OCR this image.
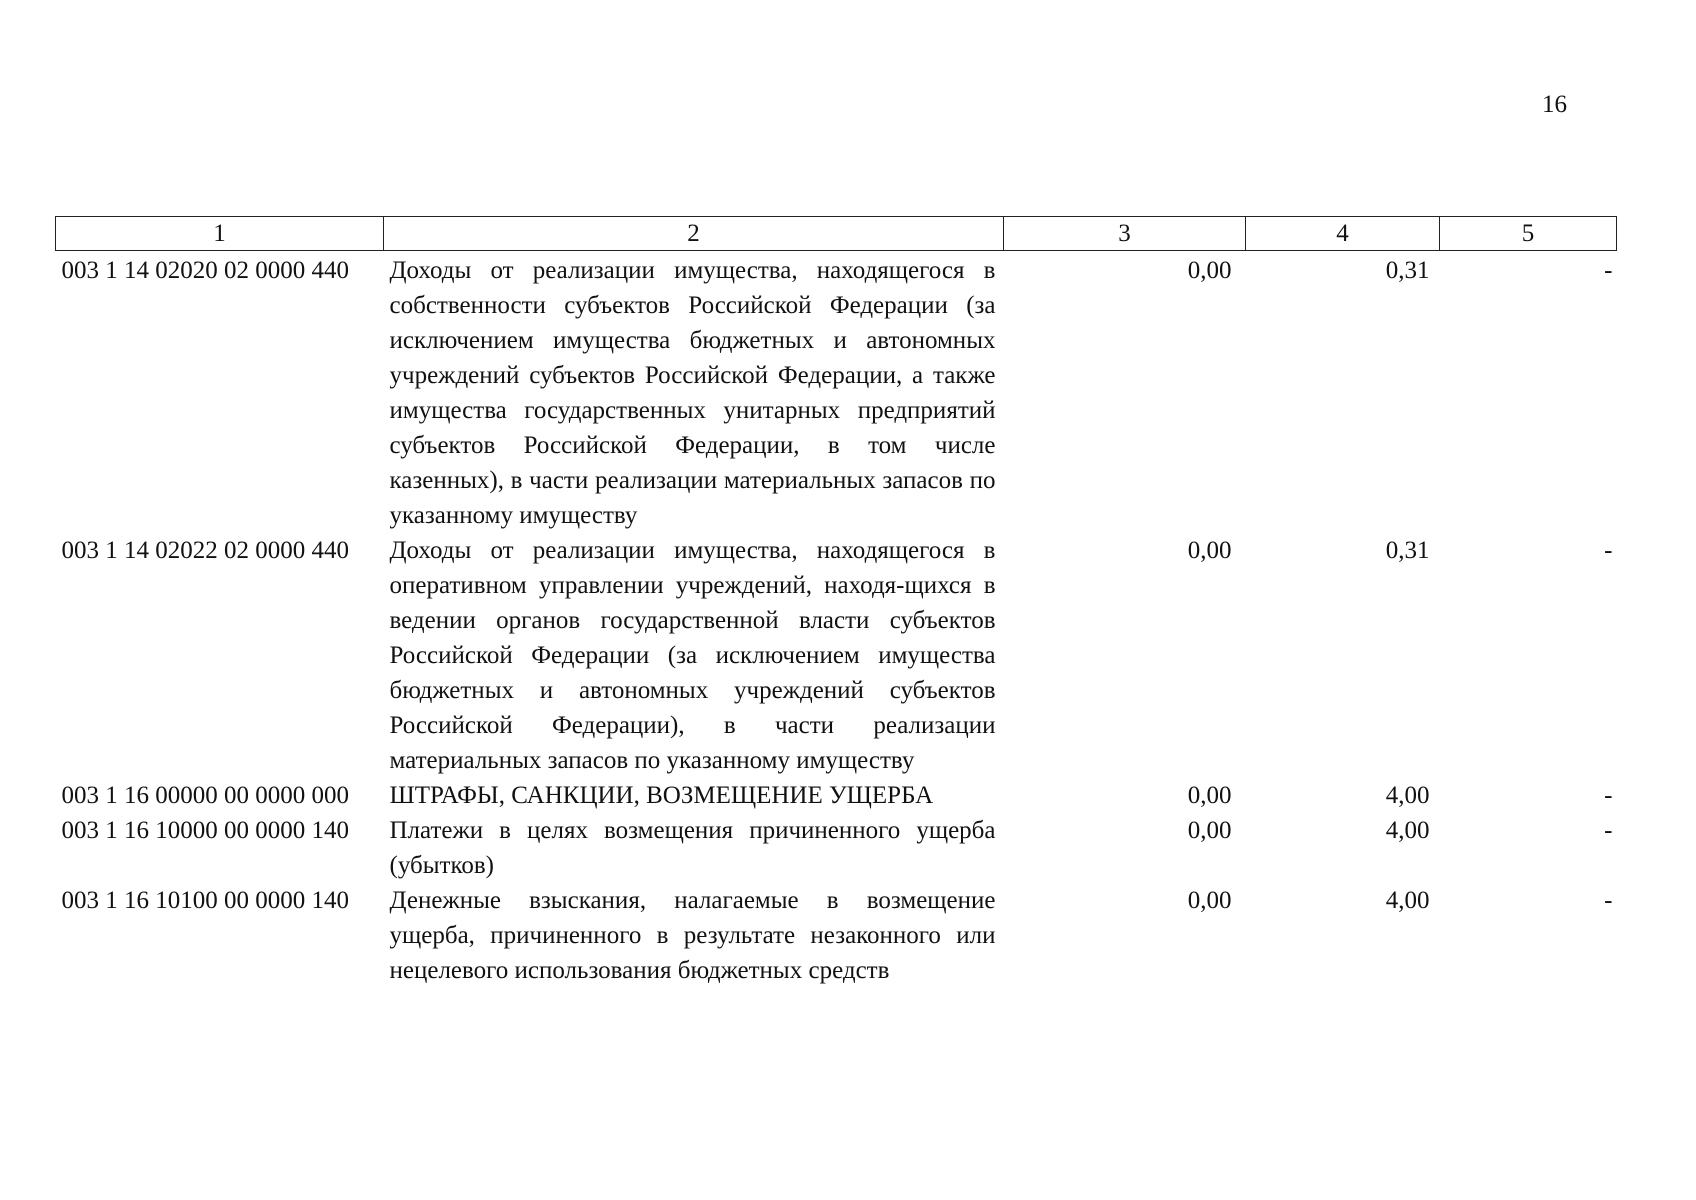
16
1	2	3	4	5
003 1 14 02020 02 0000 440	Доходы от реализации имущества, находящегося в собственности субъектов Российской Федерации (за исключением имущества бюджетных и автономных учреждений субъектов Российской Федерации, а также имущества государственных унитарных предприятий субъектов Российской Федерации, в том числе казенных), в части реализации материальных запасов по указанному имуществу	0,00	0,31	-
003 1 14 02022 02 0000 440	Доходы от реализации имущества, находящегося в оперативном управлении учреждений, находя-щихся в ведении органов государственной власти субъектов Российской Федерации (за исключением имущества бюджетных и автономных учреждений субъектов Российской Федерации), в части реализации материальных запасов по указанному имуществу	0,00	0,31	-
003 1 16 00000 00 0000 000	ШТРАФЫ, САНКЦИИ, ВОЗМЕЩЕНИЕ УЩЕРБА	0,00	4,00	-
003 1 16 10000 00 0000 140	Платежи в целях возмещения причиненного ущерба (убытков)	0,00	4,00	-
003 1 16 10100 00 0000 140	Денежные взыскания, налагаемые в возмещение ущерба, причиненного в результате незаконного или нецелевого использования бюджетных средств	0,00	4,00	-
